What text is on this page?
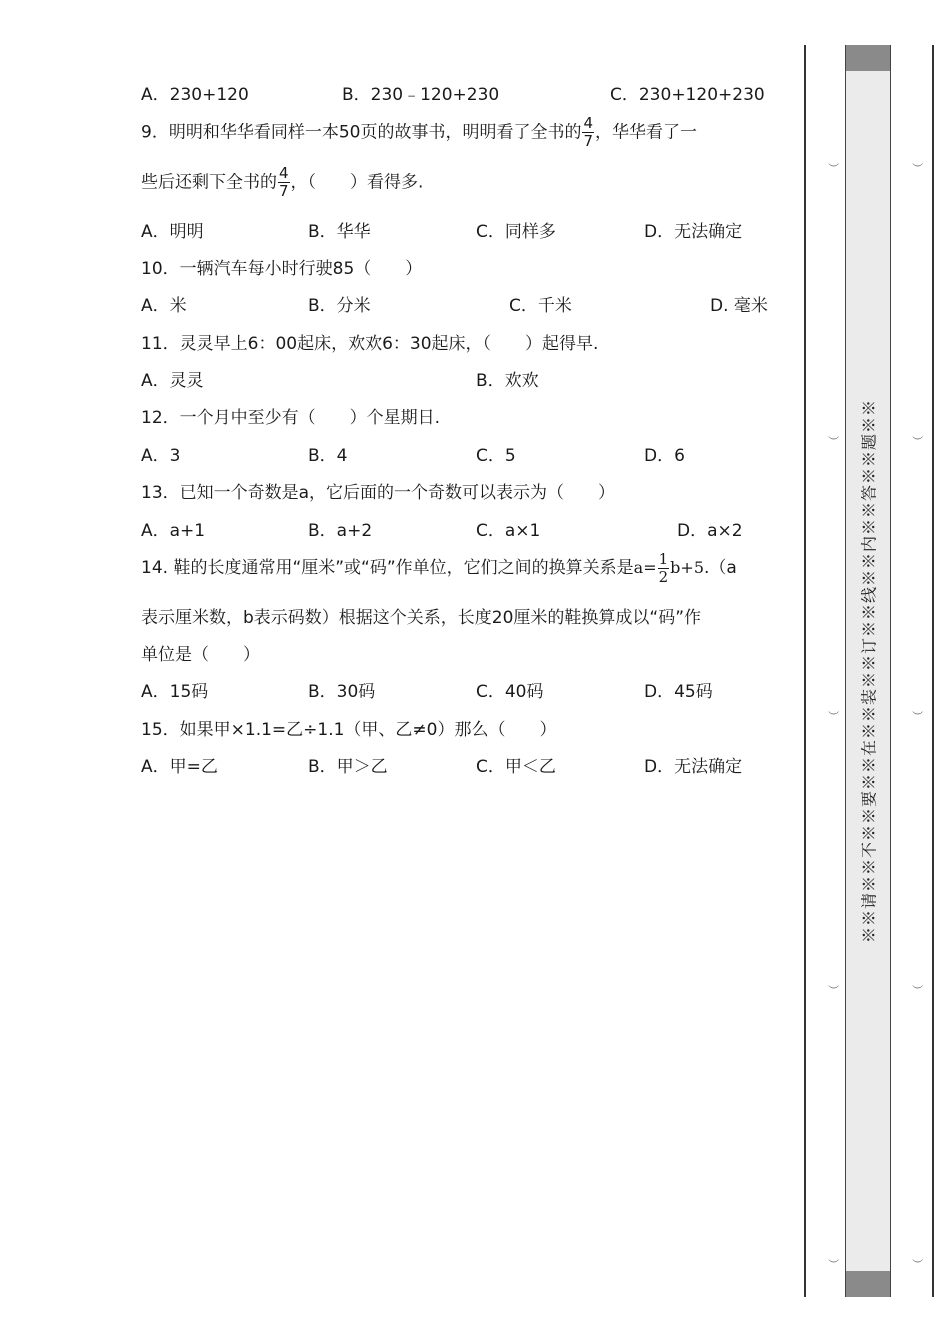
A．230+120	B．230﹣120+230	C．230+120+230
9．明明和华华看同样一本50页的故事书，明明看了全书的 $\frac{4}{7}$ ，华华看了一
些后还剩下全书的 $\frac{4}{7}$ ，（　　）看得多.
A．明明	B．华华	C．同样多	D．无法确定
10．一辆汽车每小时行驶85（　　）
A．米	B．分米	C．千米	D. 毫米
11．灵灵早上6：00起床，欢欢6：30起床，（　　）起得早.
A．灵灵	B．欢欢
12．一个月中至少有（　　）个星期日.
A．3	B．4	C．5	D．6
13．已知一个奇数是a，它后面的一个奇数可以表示为（　　）
A．a+1	B．a+2	C．a×1	D．a×2
14. 鞋的长度通常用“厘米”或“码”作单位，它们之间的换算关系是$a= \frac{1}{2} b+5.(a$
表示厘米数，b表示码数）根据这个关系，长度20厘米的鞋换算成以“码”作
单位是（　　）
A．15码	B．30码	C．40码	D．45码
15．如果甲×1.1=乙÷1.1（甲、乙≠0）那么（　　）
A．甲=乙	B．甲＞乙	C．甲＜乙	D．无法确定	※※请※※不※※要※※在※※装※※订※※线※※内※※答※※题※※
（
（
（
（
（
（
（
（
（
（
